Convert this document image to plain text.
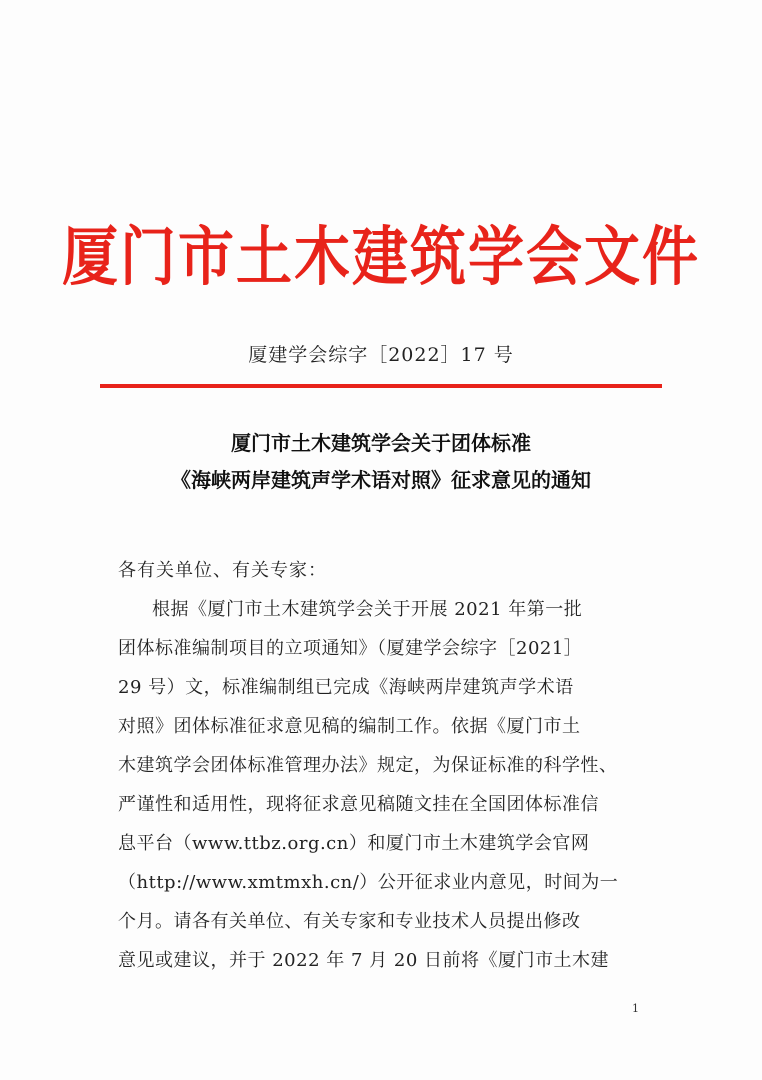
厦门市土木建筑学会文件
厦建学会综字［2022］17 号
厦门市土木建筑学会关于团体标准
《海峡两岸建筑声学术语对照》征求意见的通知
各有关单位、有关专家：
根据《厦门市土木建筑学会关于开展 2021 年第一批
团体标准编制项目的立项通知》（厦建学会综字［2021］
29 号）文，标准编制组已完成《海峡两岸建筑声学术语
对照》团体标准征求意见稿的编制工作。依据《厦门市土
木建筑学会团体标准管理办法》规定，为保证标准的科学性、
严谨性和适用性，现将征求意见稿随文挂在全国团体标准信
息平台（www.ttbz.org.cn）和厦门市土木建筑学会官网
（http://www.xmtmxh.cn/）公开征求业内意见，时间为一
个月。请各有关单位、有关专家和专业技术人员提出修改
意见或建议，并于 2022 年 7 月 20 日前将《厦门市土木建
1
